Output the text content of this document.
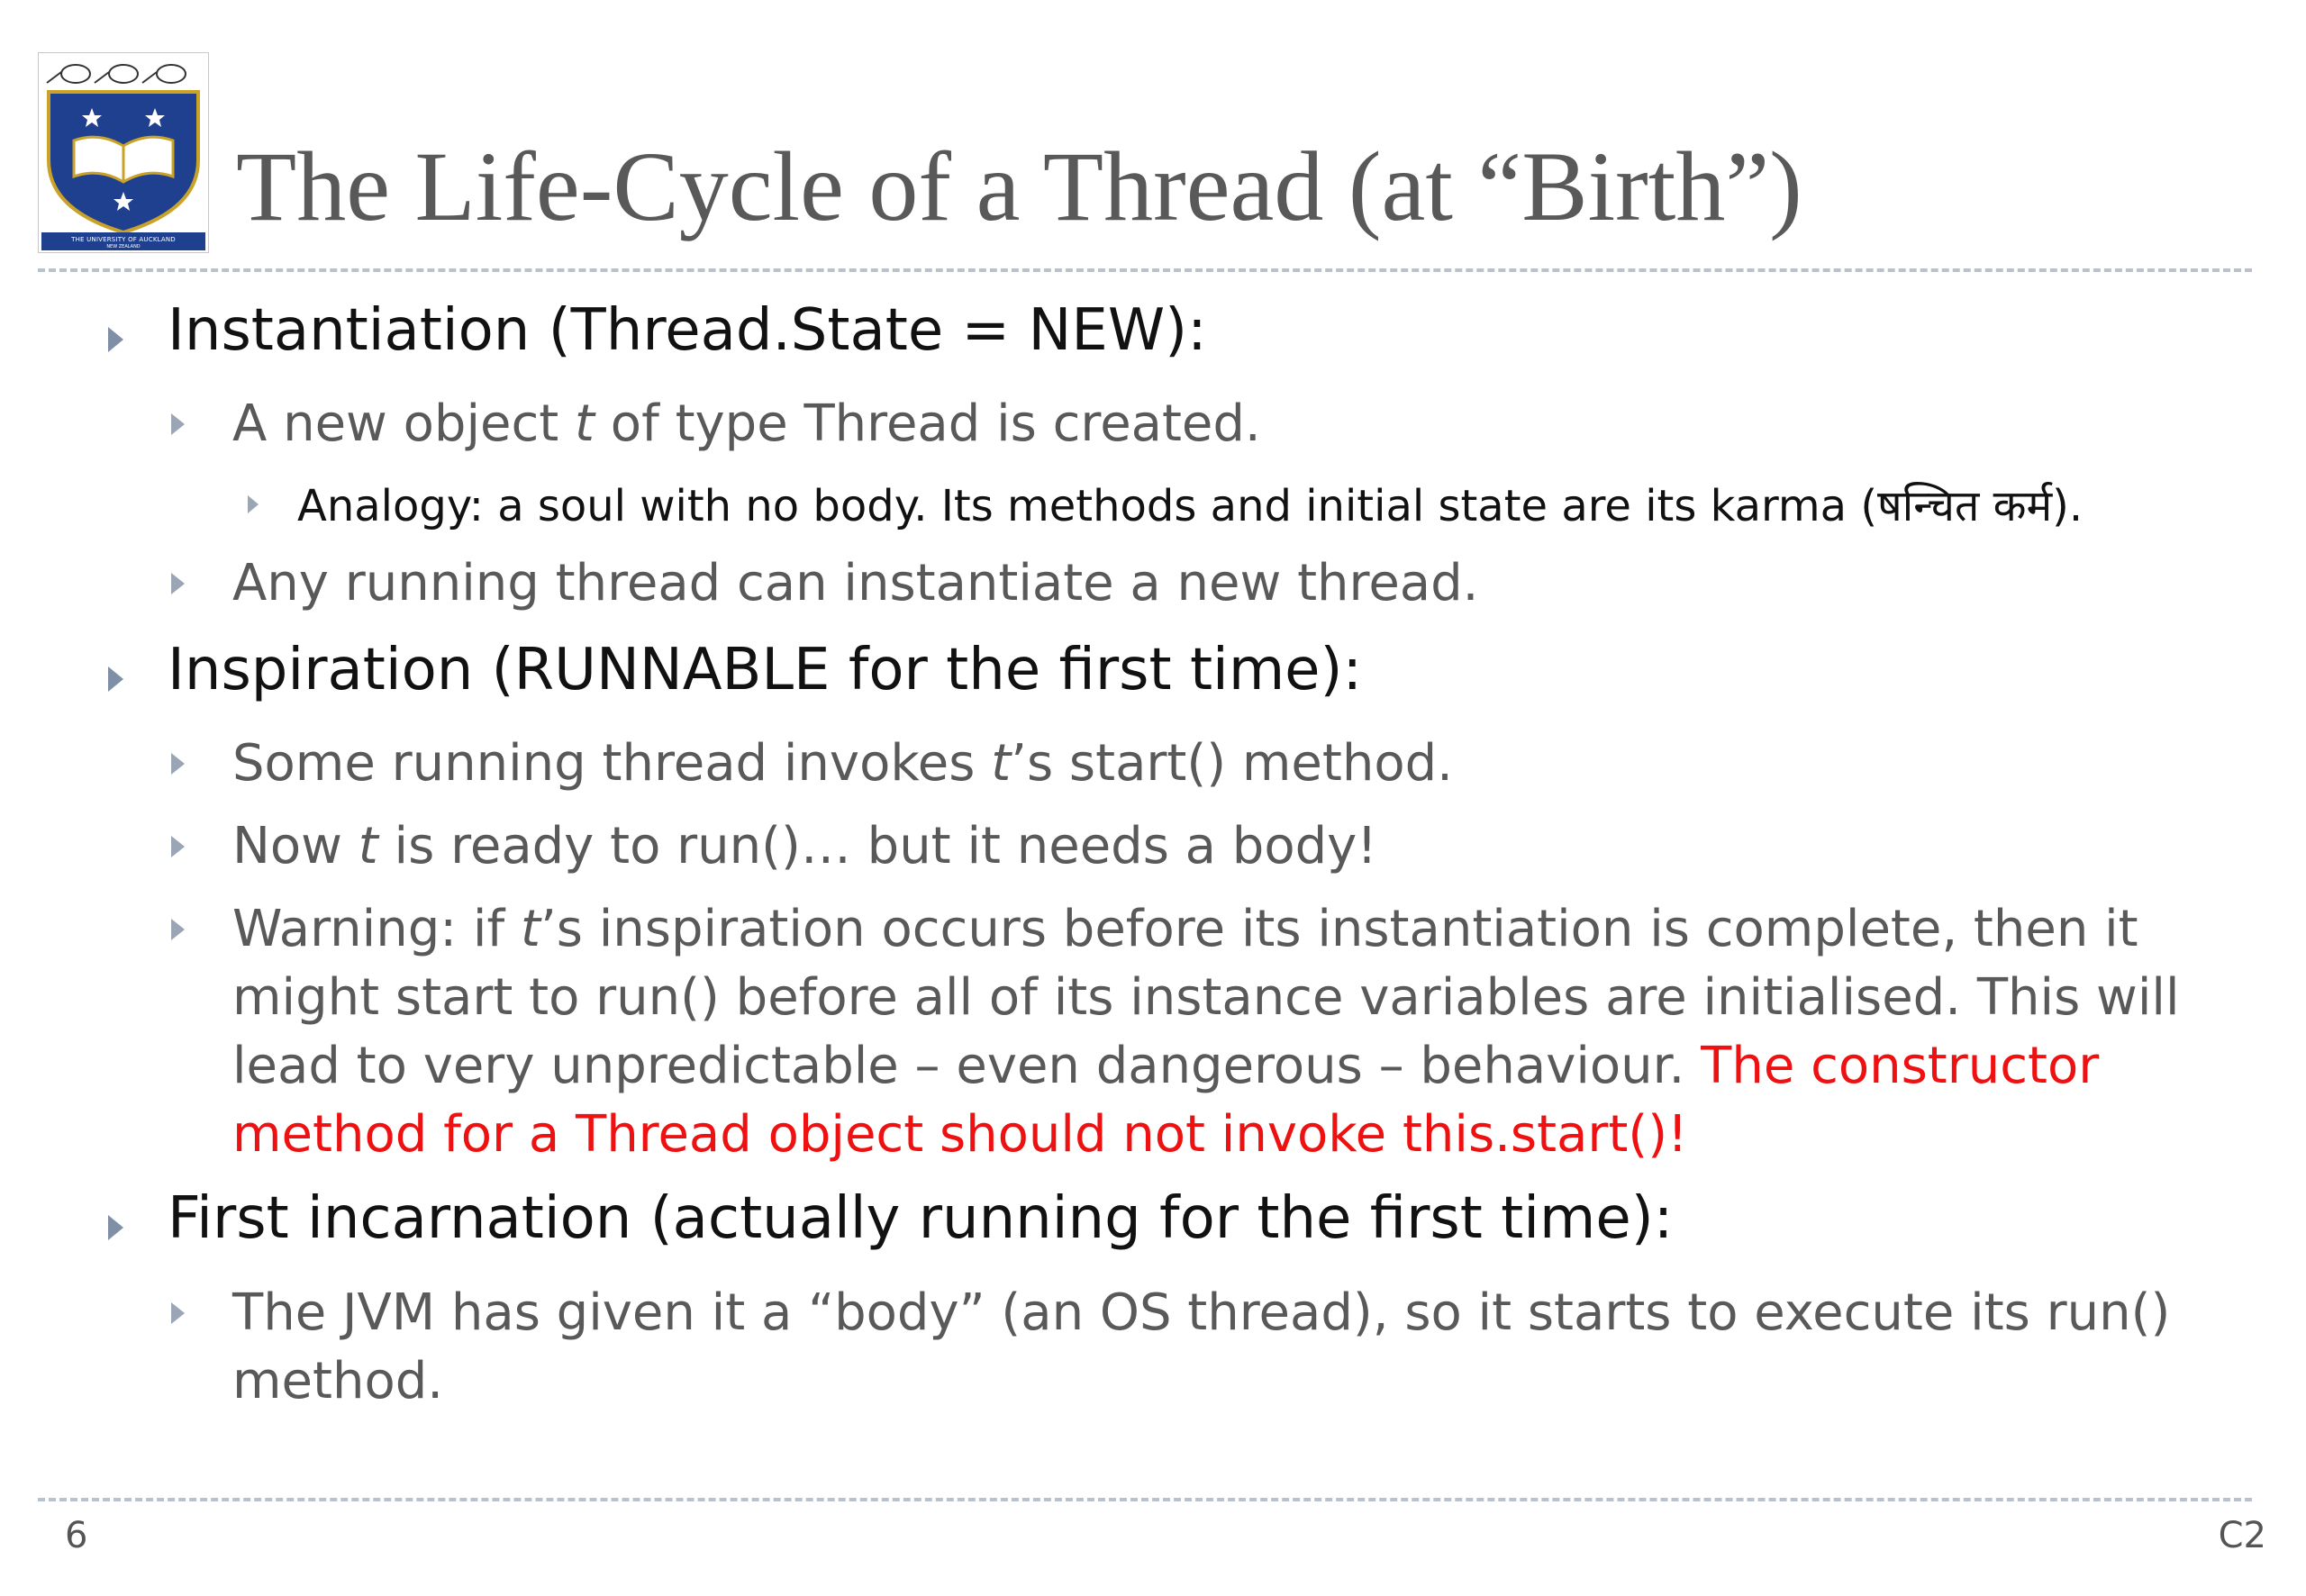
THE UNIVERSITY OF AUCKLAND
NEW ZEALAND
The Life-Cycle of a Thread (at “Birth”)
Instantiation (Thread.State = NEW):
A new object t of type Thread is created.
Analogy: a soul with no body. Its methods and initial state are its karma (षन्चित कर्म).
Any running thread can instantiate a new thread.
Inspiration (RUNNABLE for the first time):
Some running thread invokes t’s start() method.
Now t is ready to run()… but it needs a body!
Warning: if t’s inspiration occurs before its instantiation is complete, then it
might start to run() before all of its instance variables are initialised. This will
lead to very unpredictable – even dangerous – behaviour. The constructor
method for a Thread object should not invoke this.start()!
First incarnation (actually running for the first time):
The JVM has given it a “body” (an OS thread), so it starts to execute its run()
method.
6	C2
